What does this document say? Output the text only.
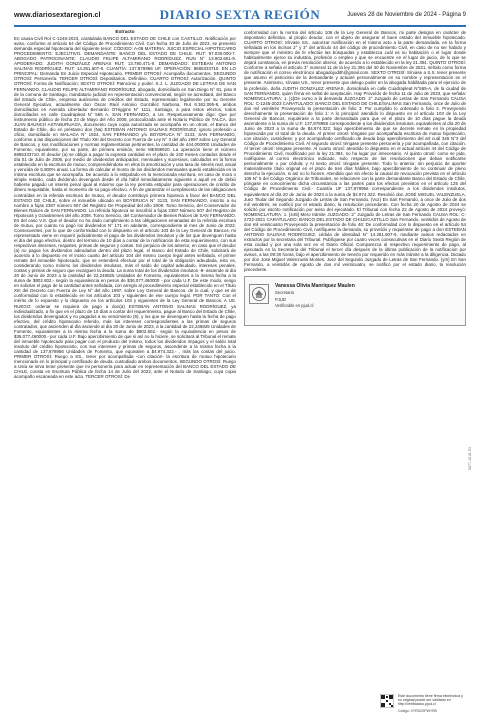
www.diariosextaregion.cl	DIARIO SEXTA REGIÓN	Jueves 28 de Noviembre de 2024 - Página 9

Extracto

En causa Civil Rol C-1245-2023, caratulada BANCO DEL ESTADO DE CHILE con CASTILLO. Notificación por aviso, conforme al artículo 54 del Código de Procedimiento Civil. Con fecha 30 de Julio de 2023, se presentó demanda especial hipotecaria del siguiente tenor: CÓDIGO: A-08 MATERIA: JUICIO ESPECIAL HIPOTECARIO PROCEDIMIENTO: EJECUTIVO. DEMANDANTE: BANCO DEL ESTADO DE CHILE. RUT: 97.030.000-7. ABOGADO PATROCINANTE: CLAUDIO FELIPE ALTAMIRANO RODRÍGUEZ. RUN N° 13.902.651-9. APODERADO: JUDITH GONZÁLEZ ARENAS RUT: 13.780.471-9. DEMANDADO: ESTEBAN ANTONIO SALINAS RODRÍGUEZ. RUT: 14.261.607-6. CUANTÍA: 137.878956 UF. OPERACIÓN: 8685333710. EN LO PRINCIPAL: Demanda En Juicio Especial Hipotecario. PRIMER OTROSÍ: Acompaña documentos. SEGUNDO OTROSÍ: Personería. TERCER OTROSÍ: Depositarios. Definitivo. CUARTO OTROSÍ: Autorización. QUINTO OTROSÍ: Forma de Notificación; SEXTO OTROSÍ: Patrocinio y poder. S.J. L. JUZGADO DE LETRAS DE SAN FERNANDO. CLAUDIO FELIPE ALTAMIRANO RODRÍGUEZ, abogado, domiciliado en San Diego N° 81, piso 8 de la comuna de Santiago, mandatario judicial en representación convencional, según se acreditará, del Banco del Estado de Chile, empresa autónoma de créditos del Estado, representado legalmente por su Gerente General Ejecutivo, actualmente don Óscar Raúl Antonio González Narbona, Rut 6.362.095-8, ambos domiciliados en Avenida Libertador Bernardo O'Higgins N° 1111, Santiago, a para estos efectos, todos domiciliados en calle Cuadrapleat N° 565 A, SAN FERNANDO, a Us. Respetuosamente digo: Que por instrumento público de fecha 23 de Mayo del Año 2008, protocolizada ante el Notario Público de TALCA, don JUAN BAUNCH ASTABURUAGA, documento cuya copia autorizada se acompaña en un otrosí, el Banco del Estado de Chile, dio en préstamo don (Na) ESTEBAN ANTONIO SALINAS RODRÍGUEZ, ignoro profesión u oficio, domiciliado en MALAGA N° 1924, SAN FERNANDO y/o BOYERUCA N° 3133, SAN FERNANDO, conforme a las disposiciones del Título XIII del Decreto con Fuerza de Ley N° 3 del año 1997 sobre Ley General de Bancos, y sus modificaciones y normas reglamentarias pertinentes, la cantidad de 444,000000 Unidades de Fomento, equivalente, por su parte, de primera emisión, serie ME059920. La operación tiene el número 8685333710. El deudor (a) se obligó a pagar la expresa cantidad en el plazo de 240 meses contados desde el día 01 de Julio de 2008, por medio de dividendos anticipados, mensuales y sucesivos, calculados en la forma establecida en la escritura de mutuo; comprendiéndose en ellos la amortización y una tasa de interés real, anual y vencida de 5,900% anual. La forma de calcular el monto de los dividendos mensuales quedó establecida en la misma escritura que se acompaña. De acuerdo a lo estipulado en la mencionada escritura, en caso de mora o simple retardo, cada dividendo devengará desde el día hábil inmediatamente siguiente a aquél en de debió haberse pagado un interés penal igual al máximo que la ley permita estipular para operaciones de crédito de dinero reajustable, hasta el momento de su pago efectivo. A fin de garantizar el cumplimiento de las obligaciones contraídas en la referida escritura de mutuo, el deudor constituyó primera hipoteca a favor del BANCO DEL ESTADO DE CHILE, sobre el inmueble ubicado en BOYERUCA N° 3133, SAN FERNANDO, inscrito a su nombre a fojas 2387 número 507 del Registro De Propiedad del año 2008. Tomo Servicio, del Conservador de Bienes Raíces de SAN FERNANDO. La referida hipoteca se inscribió a fojas 2387 Número 507 del Registro de Hipotecas y Gravámenes del año 2008. Tomo Servicio, del Conservador de Bienes Raíces de SAN FERNANDO. Es del caso V.S. Que el deudor no ha dado cumplimiento a las obligaciones emanadas de la referida escritura de mutuo, por cuanto no pagó los dividendos N° 171 en adelante, correspondiente al mes de Junio de 2022. Consecuentes, por lo que de conformidad con lo dispuesto en el artículo 103 de la Ley General de Bancos, mi representado viene en requerir judicialmente el pago de los dividendos insolutos y de los que devenguen hasta el día del pago efectivo, dentro del término de 10 días a contar de la notificación de esta requerimiento, con sus respectivos intereses, reajustes, primas de seguros y costas. Sin perjuicio de los anterior, en caso que el deudor (a) no pague los dividendos adeudados dentro del plazo legal, el Banco del Estado de Chile, solicitará de acuerdo a lo dispuesto en el inciso cuarto del artículo 104 del mismo cuerpo legal antes señalado, el primer remate del inmueble hipotecado, que se entenderá efectuar por el total de la obligación adeudada, esto es, considerando como mínimo los dividendos insolutos, más el saldo de capital adeudado, intereses penales, costas y primas de seguro que recarguen la deuda. La suma total de los dividendos insolutos -8- asciende al día 20 de Junio de 2023 a la cantidad de 22,246825 Unidades de Fomento, equivalentes a la misma fecha a la suma de $802.602.- según la equivalencia en pesos de $36.077,460000 - por cada U.F. De este modo, vengo en solicitar el pago de la cantidad antes señalada, con arreglo al procedimiento especial establecido en el Título XIII del Decreto con Fuerza de Ley N° del año 1997, sobre Ley General de Bancos, de lo cual, y que es de conformidad con lo establecido en los artículos 103 y siguientes de ese cuerpo legal. POR TANTO: Con el mérito de lo expuesto y lo dispuesto en los artículos 103 y siguientes de la Ley General de Bancos, A US. RUEGO: ordenar se requiera de pago a don(a) ESTEBAN ANTONIO SALINAS RODRÍGUEZ, ya individualizado, a fin que en el plazo de 10 días a contar del requerimiento, pague al Banco del Estado de Chile, los dividendos devengados y no pagados a su vencimiento (9), y los que se devenguen hasta la fecha de pago efectivo, del crédito hipotecario referido, más los intereses correspondientes a las primas de seguros contratados, que ascienden al día asciende al día 20 de Junio de 2023, a la cantidad de 22,246825 Unidades de Fomento, equivalentes a la misma fecha a la suma de $802.602.- según la equivalencia en pesos de $36.077,460000.- por cada U.F. Bajo apercibimiento de que si así no lo hiciere, se solicitará al Tribunal el remate del inmueble hipotecado para pagar con el producto del mismo, todos los dividendos impagos y el saldo total insoluto del crédito hipotecario, con sus intereses y primas de seguros, ascendente a la misma fecha a la cantidad de 137,878956 Unidades de Fomento, que equivalen a $4.974.322.- , más las costas del juicio. PRIMER OTROSÍ: Ruego a SS., tener por acompañada -con citación- la escritura de mutuo hipotecario mencionado en lo principal y certificado de deuda. custodiado ambos documentos. SEGUNDO OTROSÍ: Ruego a Usía se sirva tener presente que mi personería para actuar en representación del BANCO DEL ESTADO DE CHILE, consta en Escritura Pública de fecha 14 de Julio del 2022, ante el Notario de Santiago, cuya copia acompaño escaneada en este acto. TERCER OTROSÍ: De

conformidad con la norma del artículo 108 de la Ley General de Bancos, mi parte designa en carácter de depositario definitivo, al propio deudor, con el objeto de asegurar el buen estado del inmueble hipotecado. CUARTO OTROSÍ: Sírvase SS., autorizar notificación en el mismo acto a la parte demandada, en la forma señalada en los incisos 2° y 3° del artículo 44 del código de procedimiento Civil, en caso de no ser habido y siempre que el ministro de fe efectúe las búsquedas y establezca cuál es su habitación o el lugar donde habitualmente ejerce su industria, profesión o empleo y que se encuentre en el lugar de juicio, de lo que se dejará constancia, en previa resolución ulterior, de acuerdo a lo establecido en la ley 21.394. QUINTO OTROSÍ: Conforme a señala el artículo 3° numeral 11 de la ley 21.394 del 30 de Noviembre de 2021, señalo como forma de notificación el correo electrónico abogadojudith@gmail.com. SEXTO OTROSÍ: Sírvase a S.S. tener presente que asumo el patrocinio de la demandante y actuaré personalmente en su nombre y representación en el presente. Asimismo, sírvase US., tener presente que delego poder en la abogada habilitada para el ejercicio de la profesión, doña JUDITH GONZÁLEZ ARENAS, domiciliada en calle Cuadrapleat N°565-A, de la ciudad de SAN FERNANDO, quien firma en señal de aceptación. Hay Proveído de fecha 11 de Julio de 2023, que señala: NOMENCLATURA: 1. [1]De curso a la demanda JUZGADO: 2° Juzgado de Letras de San Fernando CAUSA ROL: C-1245-2023 CARATULADO: BANCO DEL ESTADO DE CHILE/SALINAS San Fernando, once de Julio de dos mil veintitrés Proveyendo la presentación de folio 3: Por cumplido lo ordenado a folio 2. Proveyendo derechamente la presentación de folio 1: A lo principal: atendido lo dispuesto en el artículo 103 de la Ley General de Bancos, requiérase a la parte demandada para que en el plazo de 10 días pague la deuda ascendente a la suma de U.F. 137,878956 correspondiente a los dividendos insolutos, equivalentes al día 20 de Junio de 2023 a la suma de $4.974.322; bajo apercibimiento de que se decrete remate en la propiedad hipotecada por el total de la deuda. Al primer otrosí: téngase por acompañada escritura de mutuo hipotecario, con citación, custódiese; y por acompañado certificado de deuda bajo apercibimiento del art cuál 346 N°3 del Código de Procedimiento Civil. Al segundo otrosí: téngase presente personería y por acompañada, con citación. Al tercer otrosí: téngase presente. Al cuarto otrosí: atendido lo dispuesto en el actual artículo 44 del Código de Procedimiento Civil, modificado por la ley 21.394, no ha lugar por innecesario. Al quinto otrosí: como se pide, notifíquese al correo electrónico indicado, solo respecto de las resoluciones que deban notificarse personalmente o por cédula; y Al sexto otrosí: téngase presente. Todo lo anterior, sin perjuicio de aportar materialmente título original en el plazo de tres días hábiles, bajo apercibimiento de no continuar de pleno derecho la ejecución, si así no lo hiciere. Atendido que sin efecto la causal de revocación prevista en el artículo 106 N° 5 del Código Orgánico de Tribunales, se relacionen con la parte demandante Banco del Estado de Chile, póngase en conocimiento dicha circunstancia a las partes para los efectos previstos en el artículo 125 del Código de Procedimiento Civil.- Cuantía UF 137,878956 correspondiente a los dividendos insolutos, equivalentes al día 20 de Junio de 2023 a la suma de $4.974.322. Resolvió don JOSÉ MIGUEL VALENZUELA, Juez Titular del Segundo Juzgado de Letras de San Fernando. (Voz) En San Fernando, a once de Julio de dos mil veintitrés, se notificó por el estado diario, la resolución precedente. Con fecha 20 de Agosto de 2024 se solicitó por escrito notificación por aviso del ejecutado. El Tribunal con fecha 22 de Agosto de 2024 proveyó: NOMENCLATURA: 1. [445] Mero trámite JUZGADO: 2° Juzgado de Letras de San Fernando CAUSA ROL: C-2722-2021 CARATULADO: BANCO DEL ESTADO DE CHILE/CASTILLO San Fernando, veintidós de Agosto de dos mil veinticuatro Proveyendo la presentación de folio 46: De conformidad con lo dispuesto en el artículo 54 del Código de Procedimiento Civil, notifíquese la demanda, su proveído y requiérase de pago a don ESTEBAN ANTONIO SALINAS RODRÍGUEZ, cédula de identidad N° 14.261.607-6, mediante avisos redactados en extractos por la secretaria del Tribunal. Publíquese por cuatro veces consecutivas en el Diario Sexta Región de esta ciudad y por una sola vez en el Diario Oficial. Comparezca al respectivo requerimiento de pago, al ejecutado en la Secretaría del Tribunal el tercer día después de la última publicación de la notificación por avisos, a las 09:30 horas, bajo el apercibimiento de tenerlo por requerido en más trámite a la diligencia. Dictado por don José Miguel Valenzuela Montes, Juez del Segundo Juzgado de Letras de San Fernando. (ym) En San Fernando, a veintidós de Agosto de dos mil veinticuatro, se notificó por el estado diario, la resolución precedente.

Vanessa Olivia Manriquez Maulen
Secretario
PJUD
Verificable en pjud.cl
Este documento tiene firma electrónica y su original puede ser validado en http://verificadoc.pjud.cl
Código: XYRDZSPWYRB
8877-18 ALTO
